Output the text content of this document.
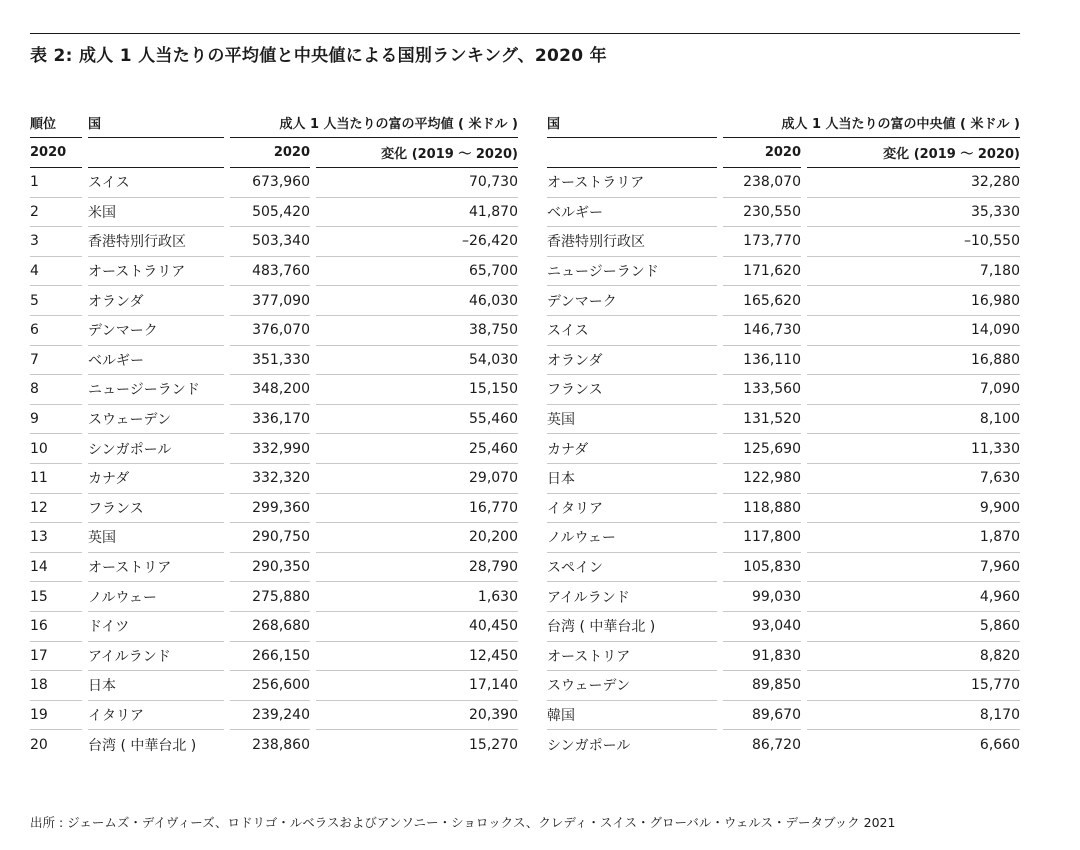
表 2: 成人 1 人当たりの平均値と中央値による国別ランキング、2020 年
順位		国		成人 1 人当たりの富の平均値 ( 米ドル )		
2020				2020		変化 (2019 ～ 2020)
1		スイス		673,960		70,730
2		米国		505,420		41,870
3		香港特別行政区		503,340		–26,420
4		オーストラリア		483,760		65,700
5		オランダ		377,090		46,030
6		デンマーク		376,070		38,750
7		ベルギー		351,330		54,030
8		ニュージーランド		348,200		15,150
9		スウェーデン		336,170		55,460
10		シンガポール		332,990		25,460
11		カナダ		332,320		29,070
12		フランス		299,360		16,770
13		英国		290,750		20,200
14		オーストリア		290,350		28,790
15		ノルウェー		275,880		1,630
16		ドイツ		268,680		40,450
17		アイルランド		266,150		12,450
18		日本		256,600		17,140
19		イタリア		239,240		20,390
20		台湾 ( 中華台北 )		238,860		15,270
国		成人 1 人当たりの富の中央値 ( 米ドル )		
		2020		変化 (2019 ～ 2020)
オーストラリア		238,070		32,280
ベルギー		230,550		35,330
香港特別行政区		173,770		–10,550
ニュージーランド		171,620		7,180
デンマーク		165,620		16,980
スイス		146,730		14,090
オランダ		136,110		16,880
フランス		133,560		7,090
英国		131,520		8,100
カナダ		125,690		11,330
日本		122,980		7,630
イタリア		118,880		9,900
ノルウェー		117,800		1,870
スペイン		105,830		7,960
アイルランド		99,030		4,960
台湾 ( 中華台北 )		93,040		5,860
オーストリア		91,830		8,820
スウェーデン		89,850		15,770
韓国		89,670		8,170
シンガポール		86,720		6,660
出所 : ジェームズ・デイヴィーズ、ロドリゴ・ルベラスおよびアンソニー・ショロックス、クレディ・スイス・グローバル・ウェルス・データブック 2021
